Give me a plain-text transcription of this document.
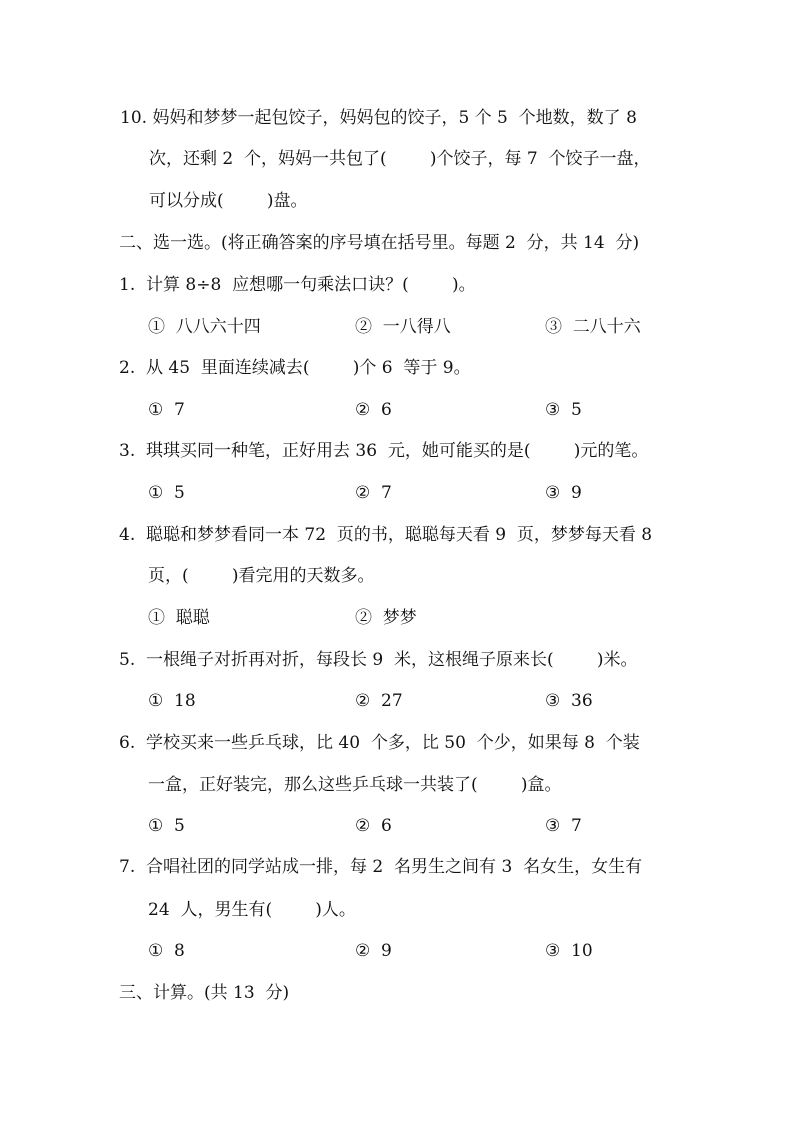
10. 妈妈和梦梦一起包饺子，妈妈包的饺子，5 个 5  个地数，数了 8
次，还剩 2  个，妈妈一共包了(        )个饺子，每 7  个饺子一盘，
可以分成(        )盘。
二、选一选。(将正确答案的序号填在括号里。每题 2  分，共 14  分)
1.  计算 8÷8  应想哪一句乘法口诀？(        )。
①  八八六十四	②  一八得八	③  二八十六
2.  从 45  里面连续减去(        )个 6  等于 9。
①  7	②  6	③  5
3.  琪琪买同一种笔，正好用去 36  元，她可能买的是(        )元的笔。
①  5	②  7	③  9
4.  聪聪和梦梦看同一本 72  页的书，聪聪每天看 9  页，梦梦每天看 8
页，(        )看完用的天数多。
①  聪聪	②  梦梦
5.  一根绳子对折再对折，每段长 9  米，这根绳子原来长(        )米。
①  18	②  27	③  36
6.  学校买来一些乒乓球，比 40  个多，比 50  个少，如果每 8  个装
一盒，正好装完，那么这些乒乓球一共装了(        )盒。
①  5	②  6	③  7
7.  合唱社团的同学站成一排，每 2  名男生之间有 3  名女生，女生有
24  人，男生有(        )人。
①  8	②  9	③  10
三、计算。(共 13  分)
